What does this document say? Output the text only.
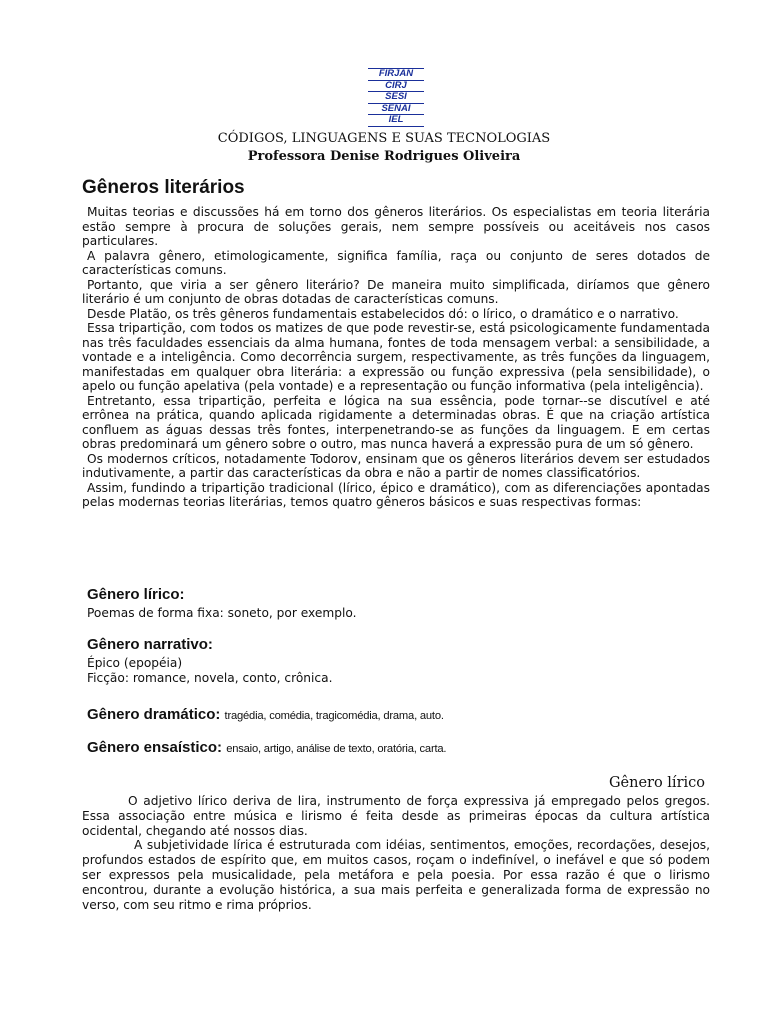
FIRJAN
CIRJ
SESI
SENAI
IEL
CÓDIGOS, LINGUAGENS E SUAS TECNOLOGIAS
Professora Denise Rodrigues Oliveira
Gêneros literários

Muitas teorias e discussões há em torno dos gêneros literários. Os especialistas em teoria literária estão sempre à procura de soluções gerais, nem sempre possíveis ou aceitáveis nos casos particulares.

A palavra gênero, etimologicamente, significa família, raça ou conjunto de seres dotados de características comuns.

Portanto, que viria a ser gênero literário? De maneira muito simplificada, diríamos que gênero literário é um conjunto de obras dotadas de características comuns.

Desde Platão, os três gêneros fundamentais estabelecidos dó: o lírico, o dramático e o narrativo.

Essa tripartição, com todos os matizes de que pode revestir-se, está psicologicamente fundamentada nas três faculdades essenciais da alma humana, fontes de toda mensagem verbal: a sensibilidade, a vontade e a inteligência. Como decorrência surgem, respectivamente, as três funções da linguagem, manifestadas em qualquer obra literária: a expressão ou função expressiva (pela sensibilidade), o apelo ou função apelativa (pela vontade) e a representação ou função informativa (pela inteligência).

Entretanto, essa tripartição, perfeita e lógica na sua essência, pode tornar--se discutível e até errônea na prática, quando aplicada rigidamente a determinadas obras. É que na criação artística confluem as águas dessas três fontes, interpenetrando-se as funções da linguagem. E em certas obras predominará um gênero sobre o outro, mas nunca haverá a expressão pura de um só gênero.

Os modernos críticos, notadamente Todorov, ensinam que os gêneros literários devem ser estudados indutivamente, a partir das características da obra e não a partir de nomes classificatórios.

Assim, fundindo a tripartição tradicional (lírico, épico e dramático), com as diferenciações apontadas pelas modernas teorias literárias, temos quatro gêneros básicos e suas respectivas formas:

Gênero lírico:

Poemas de forma fixa: soneto, por exemplo.

Gênero narrativo:

Épico (epopéia)

Ficção: romance, novela, conto, crônica.

Gênero dramático: tragédia, comédia, tragicomédia, drama, auto.
Gênero ensaístico: ensaio, artigo, análise de texto, oratória, carta.
Gênero lírico

O adjetivo lírico deriva de lira, instrumento de força expressiva já empregado pelos gregos. Essa associação entre música e lirismo é feita desde as primeiras épocas da cultura artística ocidental, chegando até nossos dias.

A subjetividade lírica é estruturada com idéias, sentimentos, emoções, recordações, desejos, profundos estados de espírito que, em muitos casos, roçam o indefinível, o inefável e que só podem ser expressos pela musicalidade, pela metáfora e pela poesia. Por essa razão é que o lirismo encontrou, durante a evolução histórica, a sua mais perfeita e generalizada forma de expressão no verso, com seu ritmo e rima próprios.
